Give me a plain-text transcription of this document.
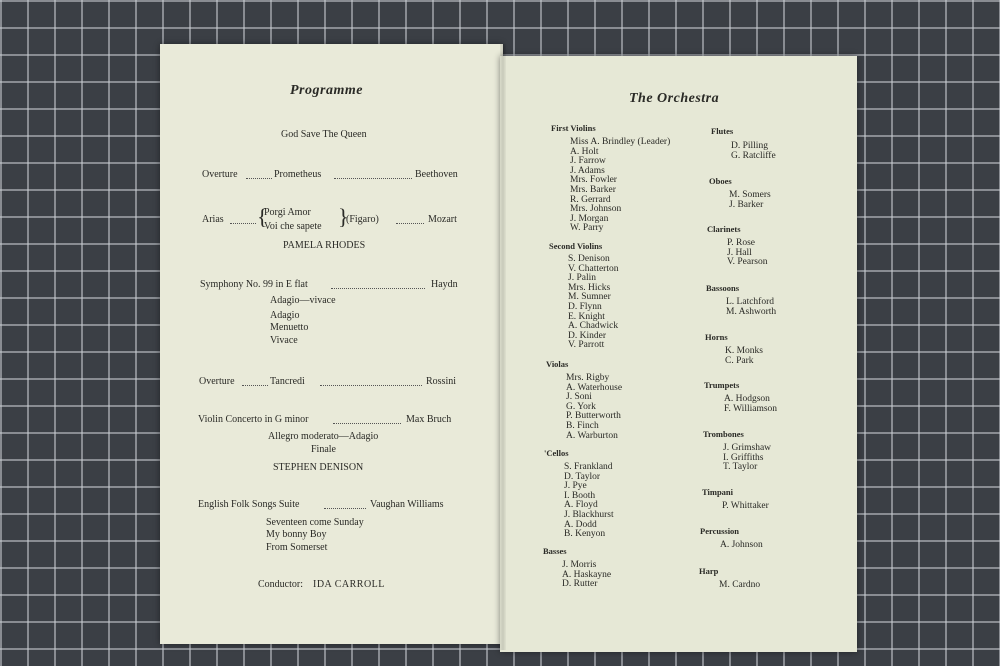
Programme
God Save The Queen
Overture	Prometheus	Beethoven
Arias {
Porgi Amor
Voi che sapete }
(Figaro)	Mozart
PAMELA RHODES
Symphony No. 99 in E flat	Haydn
Adagio—vivace
Adagio
Menuetto
Vivace
Overture	Tancredi	Rossini
Violin Concerto in G minor	Max Bruch
Allegro moderato—Adagio
Finale
STEPHEN DENISON
English Folk Songs Suite	Vaughan Williams
Seventeen come Sunday
My bonny Boy
From Somerset
Conductor: IDA CARROLL
The Orchestra
First Violins
Miss A. Brindley (Leader)
A. Holt
J. Farrow
J. Adams
Mrs. Fowler
Mrs. Barker
R. Gerrard
Mrs. Johnson
J. Morgan
W. Parry
Second Violins
S. Denison
V. Chatterton
J. Palin
Mrs. Hicks
M. Sumner
D. Flynn
E. Knight
A. Chadwick
D. Kinder
V. Parrott
Violas
Mrs. Rigby
A. Waterhouse
J. Soni
G. York
P. Butterworth
B. Finch
A. Warburton
'Cellos
S. Frankland
D. Taylor
J. Pye
I. Booth
A. Floyd
J. Blackhurst
A. Dodd
B. Kenyon
Basses
J. Morris
A. Haskayne
D. Rutter
Flutes
D. Pilling
G. Ratcliffe
Oboes
M. Somers
J. Barker
Clarinets
P. Rose
J. Hall
V. Pearson
Bassoons
L. Latchford
M. Ashworth
Horns
K. Monks
C. Park
Trumpets
A. Hodgson
F. Williamson
Trombones
J. Grimshaw
I. Griffiths
T. Taylor
Timpani
P. Whittaker
Percussion
A. Johnson
Harp
M. Cardno
